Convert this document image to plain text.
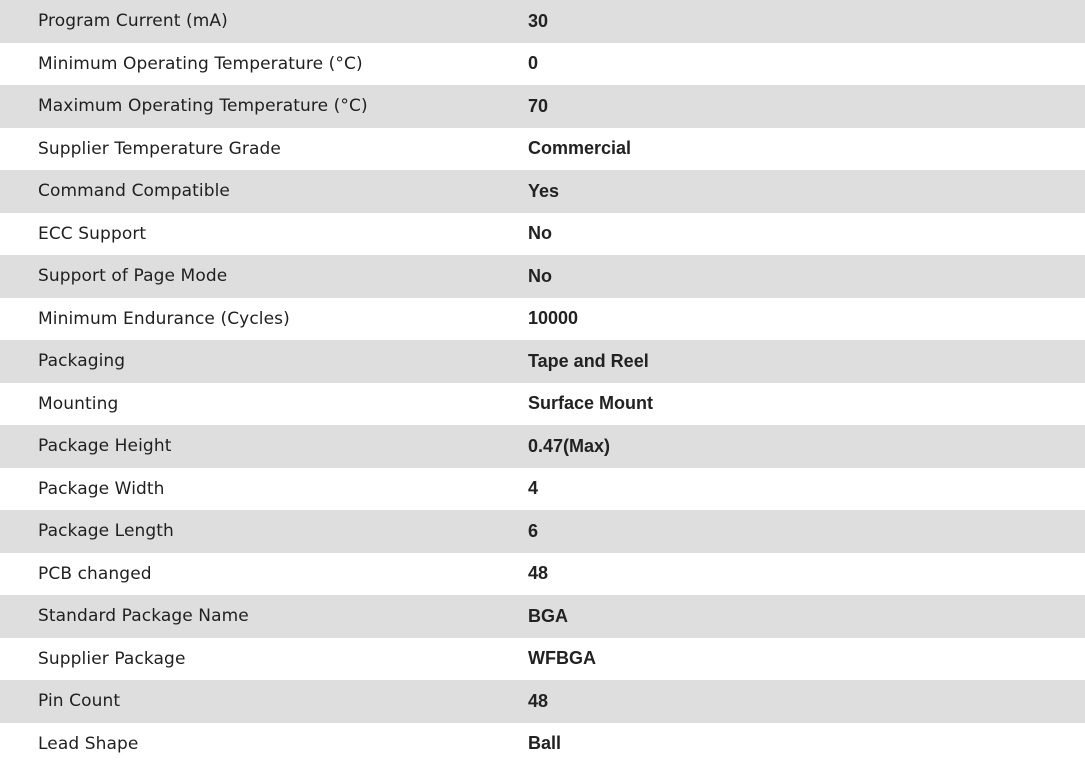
Program Current (mA)	30
Minimum Operating Temperature (°C)	0
Maximum Operating Temperature (°C)	70
Supplier Temperature Grade	Commercial
Command Compatible	Yes
ECC Support	No
Support of Page Mode	No
Minimum Endurance (Cycles)	10000
Packaging	Tape and Reel
Mounting	Surface Mount
Package Height	0.47(Max)
Package Width	4
Package Length	6
PCB changed	48
Standard Package Name	BGA
Supplier Package	WFBGA
Pin Count	48
Lead Shape	Ball
